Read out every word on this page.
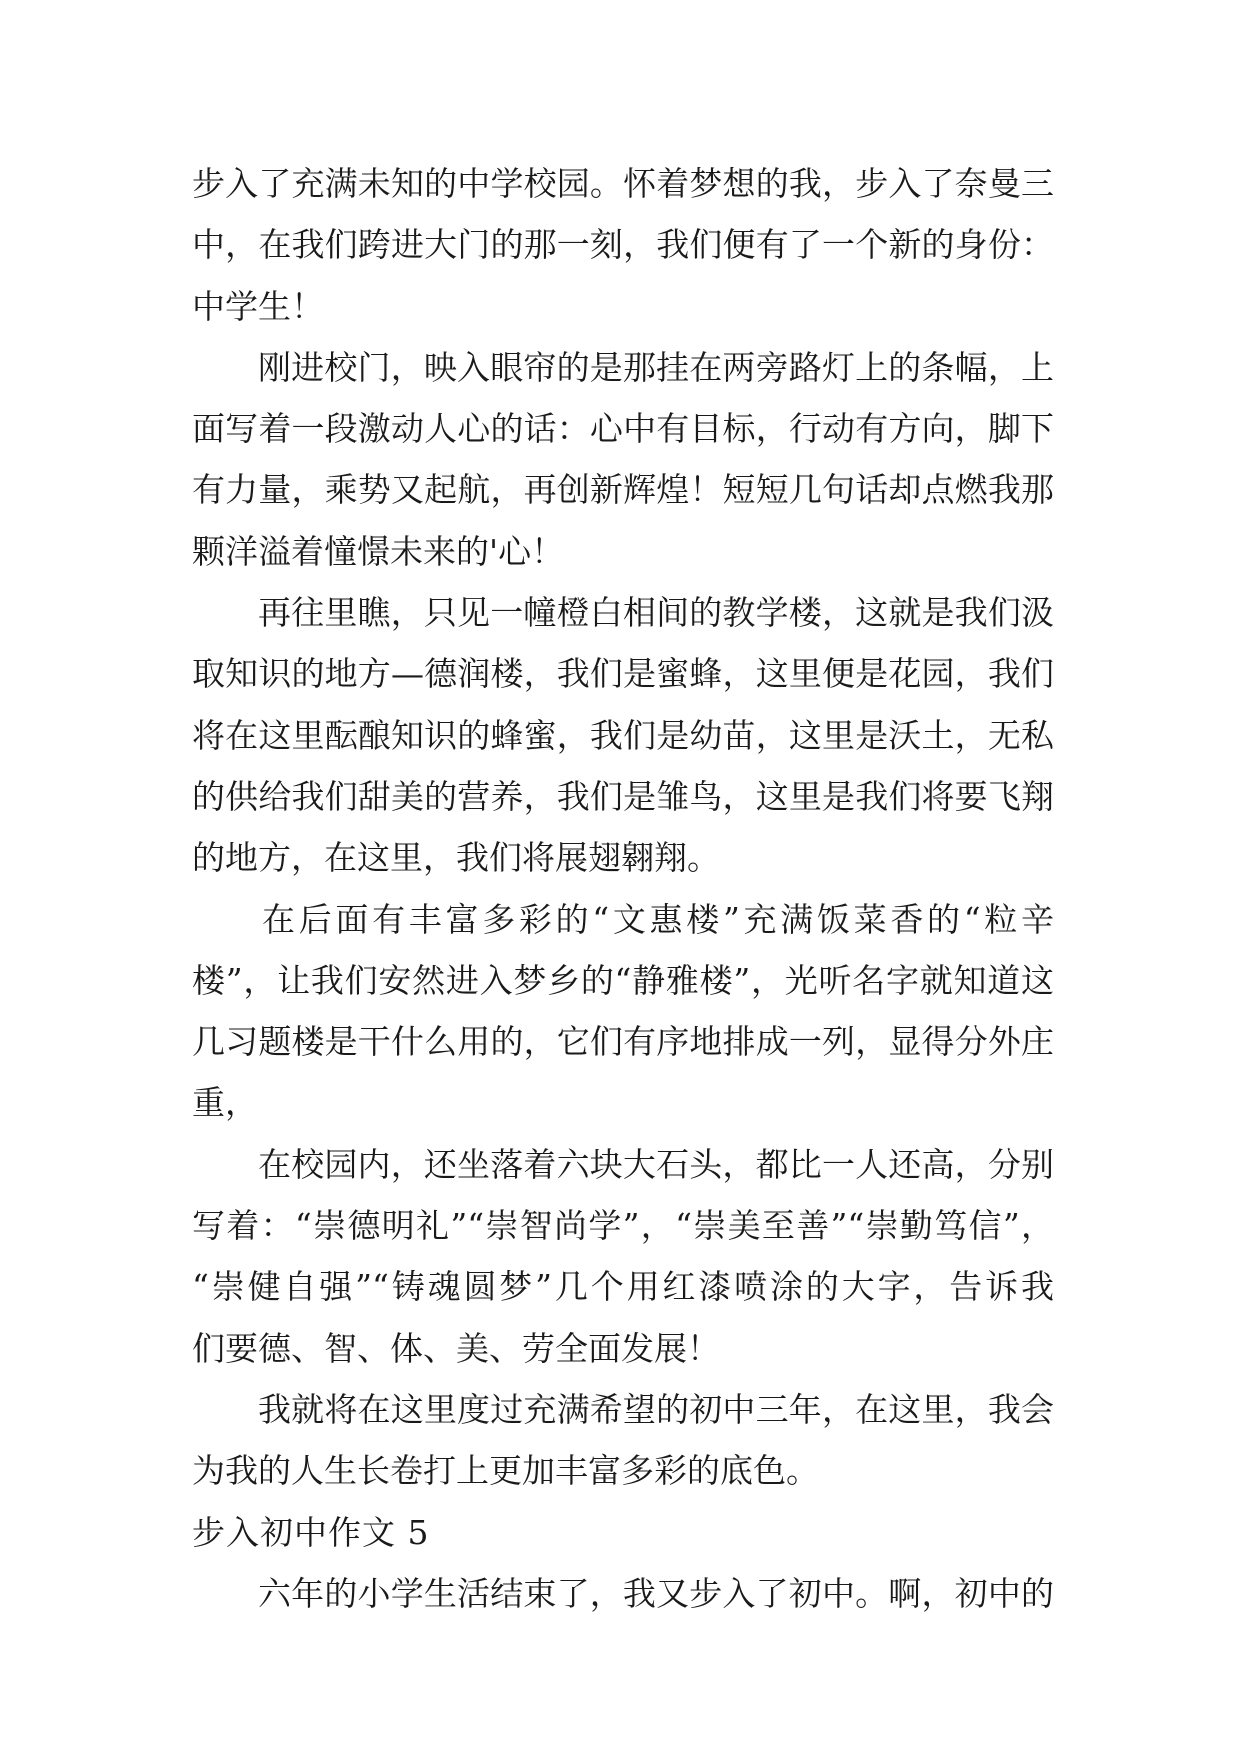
步入了充满未知的中学校园。怀着梦想的我，步入了奈曼三
中，在我们跨进大门的那一刻，我们便有了一个新的身份：
中学生！
刚进校门，映入眼帘的是那挂在两旁路灯上的条幅，上
面写着一段激动人心的话：心中有目标，行动有方向，脚下
有力量，乘势又起航，再创新辉煌！短短几句话却点燃我那
颗洋溢着憧憬未来的'心！
再往里瞧，只见一幢橙白相间的教学楼，这就是我们汲
取知识的地方—德润楼，我们是蜜蜂，这里便是花园，我们
将在这里酝酿知识的蜂蜜，我们是幼苗，这里是沃土，无私
的供给我们甜美的营养，我们是雏鸟，这里是我们将要飞翔
的地方，在这里，我们将展翅翱翔。
在后面有丰富多彩的“文惠楼”充满饭菜香的“粒辛
楼”，让我们安然进入梦乡的“静雅楼”，光听名字就知道这
几习题楼是干什么用的，它们有序地排成一列，显得分外庄
重，
在校园内，还坐落着六块大石头，都比一人还高，分别
写着：“崇德明礼”“崇智尚学”，“崇美至善”“崇勤笃信”，
“崇健自强”“铸魂圆梦”几个用红漆喷涂的大字，告诉我
们要德、智、体、美、劳全面发展！
我就将在这里度过充满希望的初中三年，在这里，我会
为我的人生长卷打上更加丰富多彩的底色。
步入初中作文 5
六年的小学生活结束了，我又步入了初中。啊，初中的
